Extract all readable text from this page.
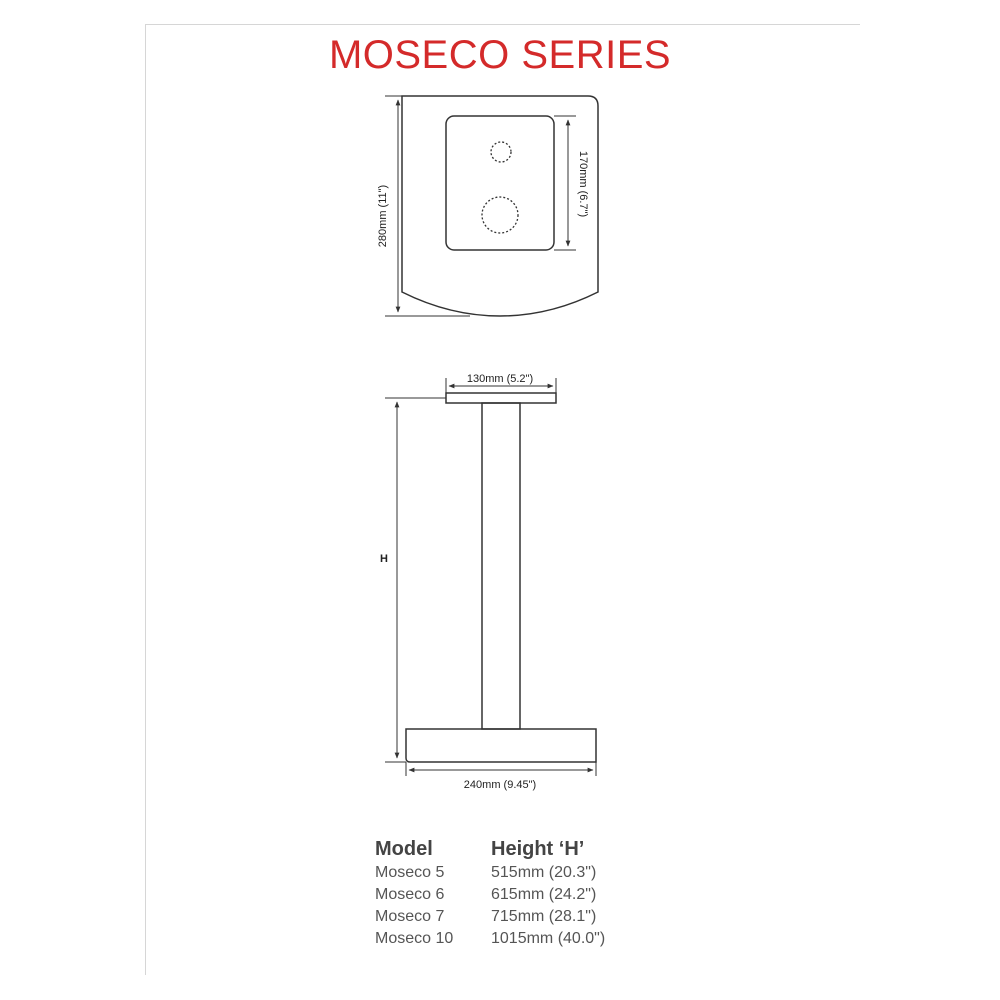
MOSECO SERIES
280mm (11")	170mm (6.7")
130mm (5.2")
H
240mm (9.45")
Model	Height ‘H’
Moseco 5	515mm (20.3")
Moseco 6	615mm (24.2")
Moseco 7	715mm (28.1")
Moseco 10	1015mm (40.0")
